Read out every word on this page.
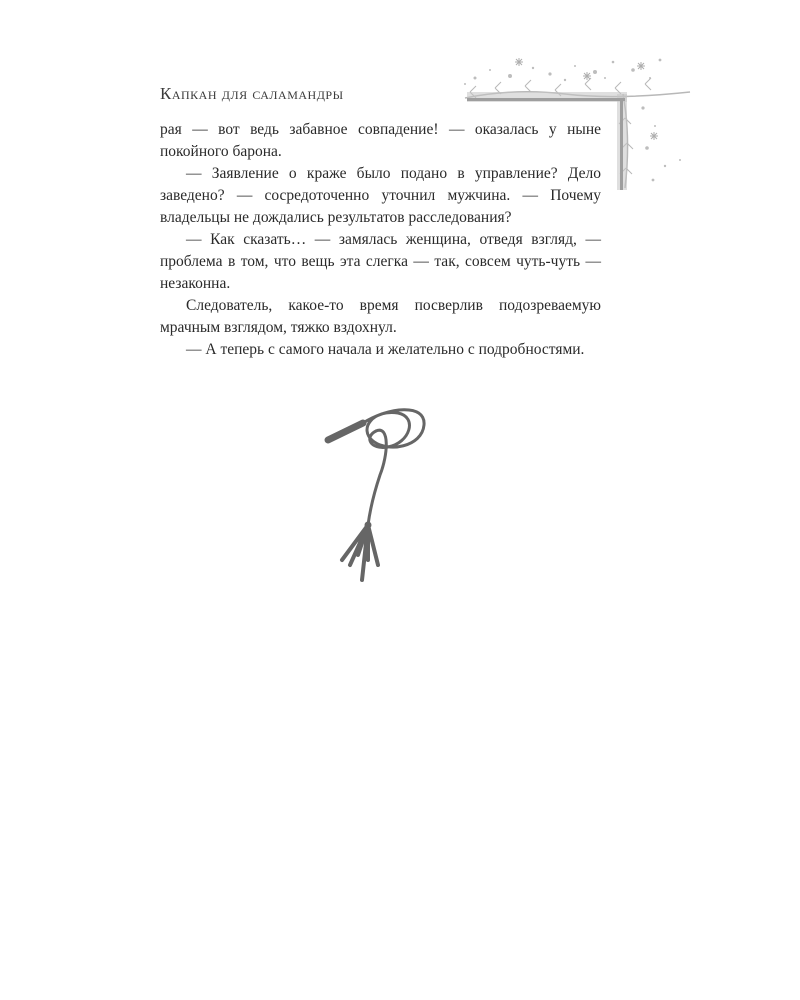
Капкан для саламандры

рая — вот ведь забавное совпадение! — оказалась у ныне покойного барона.

— Заявление о краже было подано в управление? Дело заведено? — сосредоточенно уточнил мужчина. — Почему владельцы не дождались результатов расследования?

— Как сказать… — замялась женщина, отведя взгляд, — проблема в том, что вещь эта слегка — так, совсем чуть-чуть — незаконна.

Следователь, какое-то время посверлив подозреваемую мрачным взглядом, тяжко вздохнул.

— А теперь с самого начала и желательно с подробностями.
